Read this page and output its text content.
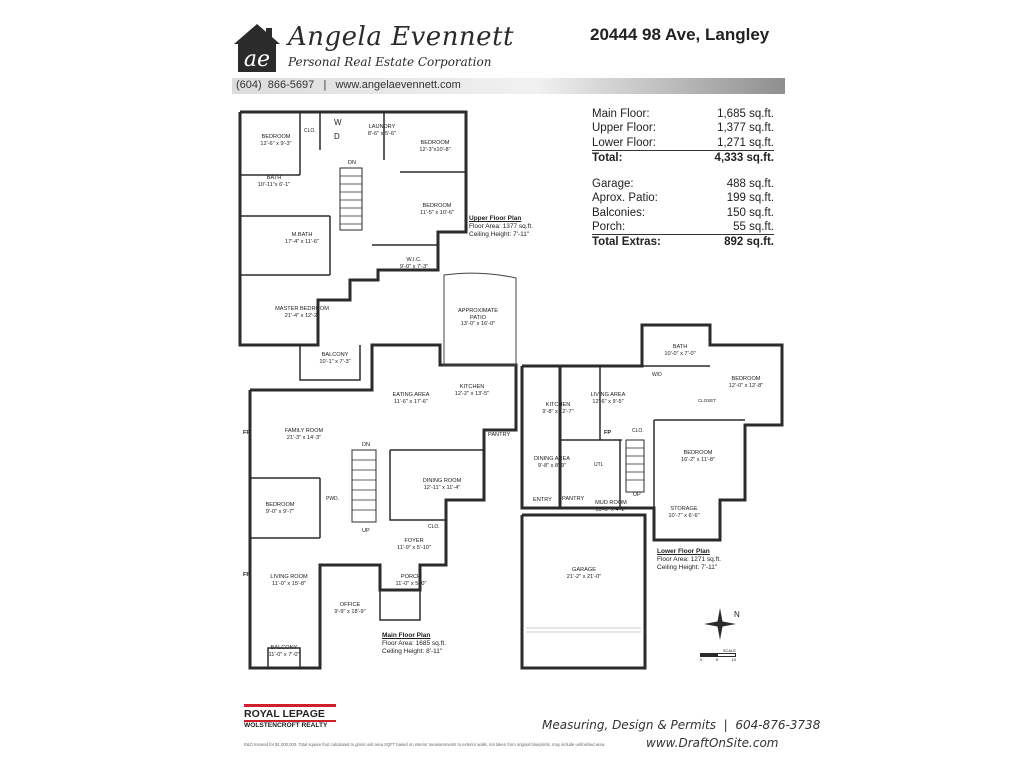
ae
Angela Evennett
Personal Real Estate Corporation
(604)  866-5697 | www.angelaevennett.com
20444 98 Ave, Langley
Main Floor:	1,685 sq.ft.
Upper Floor:	1,377 sq.ft.
Lower Floor:	1,271 sq.ft.
Total:	4,333 sq.ft.
Garage:	488 sq.ft.
Aprox. Patio:	199 sq.ft.
Balconies:	150 sq.ft.
Porch:	55 sq.ft.
Total Extras:	892 sq.ft.
BEDROOM
12'-6" x 9'-3"
LAUNDRY
8'-6" x 5'-6"
BEDROOM
12'-3"x10'-8"
BATH
10'-11"x 6'-1"
BEDROOM
11'-5" x 10'-6"
M.BATH
17'-4" x 11'-6"
W.I.C.
9'-0" x 7'-3"
MASTER BEDROOM
21'-4" x 12'-2"
BALCONY
10'-1" x 7'-3"
DN
CLO.
W
D
Upper Floor Plan
Floor Area: 1377 sq.ft.
Ceiling Height: 7'-11"
APPROXIMATE PATIO
13'-0" x 16'-0"
EATING AREA
11'-6" x 17'-6"
KITCHEN
12'-2" x 13'-5"
FAMILY ROOM
21'-3" x 14'-3"	PANTRY
DINING ROOM
12'-11" x 11'-4"
BEDROOM
9'-0" x 9'-7"
FOYER
11'-9" x 5'-10"
PORCH
11'-0" x 5'-0"
LIVING ROOM
11'-0" x 15'-8"
OFFICE
9'-9" x 18'-9"
BALCONY
11'-0" x 7'-0"
DN
UP
FP
FP
PWD.
CLO.
Main Floor Plan
Floor Area: 1685 sq.ft.
Ceiling Height: 8'-11"
BATH
10'-0" x 7'-0"
BEDROOM
12'-0" x 12'-8"
LIVING AREA
12'-6" x 9'-5"
KITCHEN
9'-8" x 12'-7"
BEDROOM
16'-2" x 11'-8"
DINING AREA
9'-8" x 8'-9"
MUD ROOM
10'-5" x 4'-2"	STORAGE
10'-7" x 6'-6"
GARAGE
21'-2" x 21'-0"
ENTRY PANTRY
UP
FP
UTL
CLO.
W/D
CLOSET
Lower Floor Plan
Floor Area: 1271 sq.ft.
Ceiling Height: 7'-11"
N
SCALE
0	5	10
ROYAL LEPAGE
WOLSTENCROFT REALTY	Measuring, Design & Permits  |  604-876-3738
www.DraftOnSite.com
E&O Insured for $1,000,000. Total square foot calculated to gross unit area SQFT based on interior measurements to exterior walls, not taken from original blueprints, may include unfinished area.
